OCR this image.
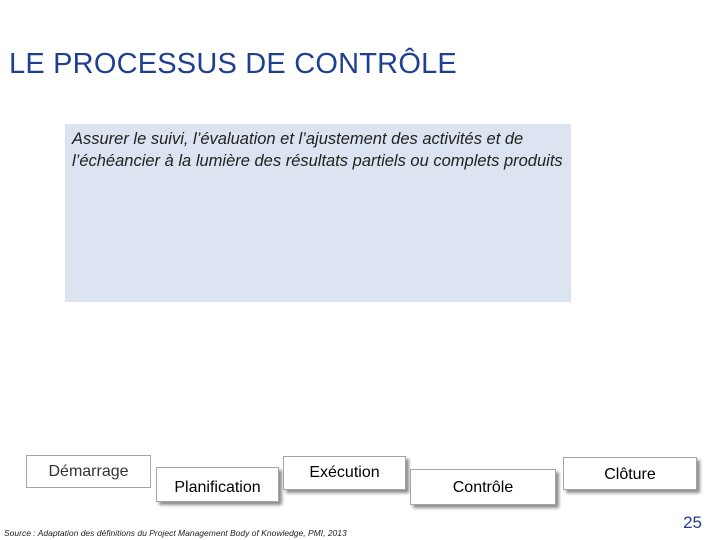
LE PROCESSUS DE CONTRÔLE
Assurer le suivi, l’évaluation et l’ajustement des activités et de l’échéancier à la lumière des résultats partiels ou complets produits
Démarrage
Planification
Exécution
Contrôle
Clôture
Source : Adaptation des définitions du Project Management Body of Knowledge, PMI, 2013
25
